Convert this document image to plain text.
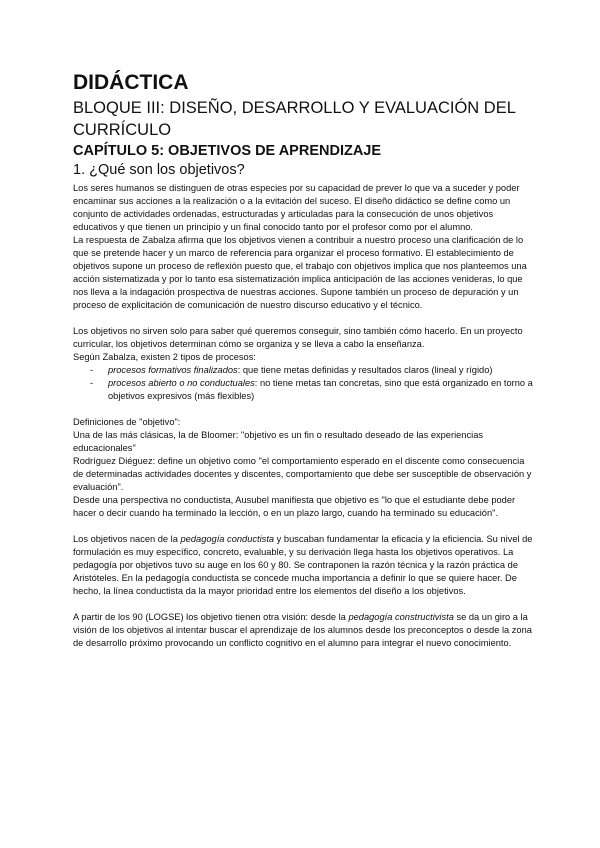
DIDÁCTICA
BLOQUE III: DISEÑO, DESARROLLO Y EVALUACIÓN DEL CURRÍCULO
CAPÍTULO 5: OBJETIVOS DE APRENDIZAJE
1. ¿Qué son los objetivos?

Los seres humanos se distinguen de otras especies por su capacidad de prever lo que va a suceder y poder encaminar sus acciones a la realización o a la evitación del suceso. El diseño didáctico se define como un conjunto de actividades ordenadas, estructuradas y articuladas para la consecución de unos objetivos educativos y que tienen un principio y un final conocido tanto por el profesor como por el alumno.

La respuesta de Zabalza afirma que los objetivos vienen a contribuir a nuestro proceso una clarificación de lo que se pretende hacer y un marco de referencia para organizar el proceso formativo. El establecimiento de objetivos supone un proceso de reflexión puesto que, el trabajo con objetivos implica que nos planteemos una acción sistematizada y por lo tanto esa sistematización implica anticipación de las acciones venideras, lo que nos lleva a la indagación prospectiva de nuestras acciones. Supone también un proceso de depuración y un proceso de explicitación de comunicación de nuestro discurso educativo y el técnico.

Los objetivos no sirven solo para saber qué queremos conseguir, sino también cómo hacerlo. En un proyecto curricular, los objetivos determinan cómo se organiza y se lleva a cabo la enseñanza.

Según Zabalza, existen 2 tipos de procesos:

- procesos formativos finalizados: que tiene metas definidas y resultados claros (lineal y rígido)
- procesos abierto o no conductuales: no tiene metas tan concretas, sino que está organizado en torno a objetivos expresivos (más flexibles)

Definiciones de "objetivo":

Una de las más clásicas, la de Bloomer: "objetivo es un fin o resultado deseado de las experiencias educacionales"

Rodríguez Diéguez: define un objetivo como "el comportamiento esperado en el discente como consecuencia de determinadas actividades docentes y discentes, comportamiento que debe ser susceptible de observación y evaluación".

Desde una perspectiva no conductista, Ausubel manifiesta que objetivo es "lo que el estudiante debe poder hacer o decir cuando ha terminado la lección, o en un plazo largo, cuando ha terminado su educación".

Los objetivos nacen de la pedagogía conductista y buscaban fundamentar la eficacia y la eficiencia. Su nivel de formulación es muy específico, concreto, evaluable, y su derivación llega hasta los objetivos operativos. La pedagogía por objetivos tuvo su auge en los 60 y 80. Se contraponen la razón técnica y la razón práctica de Aristóteles. En la pedagogía conductista se concede mucha importancia a definir lo que se quiere hacer. De hecho, la línea conductista da la mayor prioridad entre los elementos del diseño a los objetivos.

A partir de los 90 (LOGSE) los objetivo tienen otra visión: desde la pedagogía constructivista se da un giro a la visión de los objetivos al intentar buscar el aprendizaje de los alumnos desde los preconceptos o desde la zona de desarrollo próximo provocando un conflicto cognitivo en el alumno para integrar el nuevo conocimiento.
